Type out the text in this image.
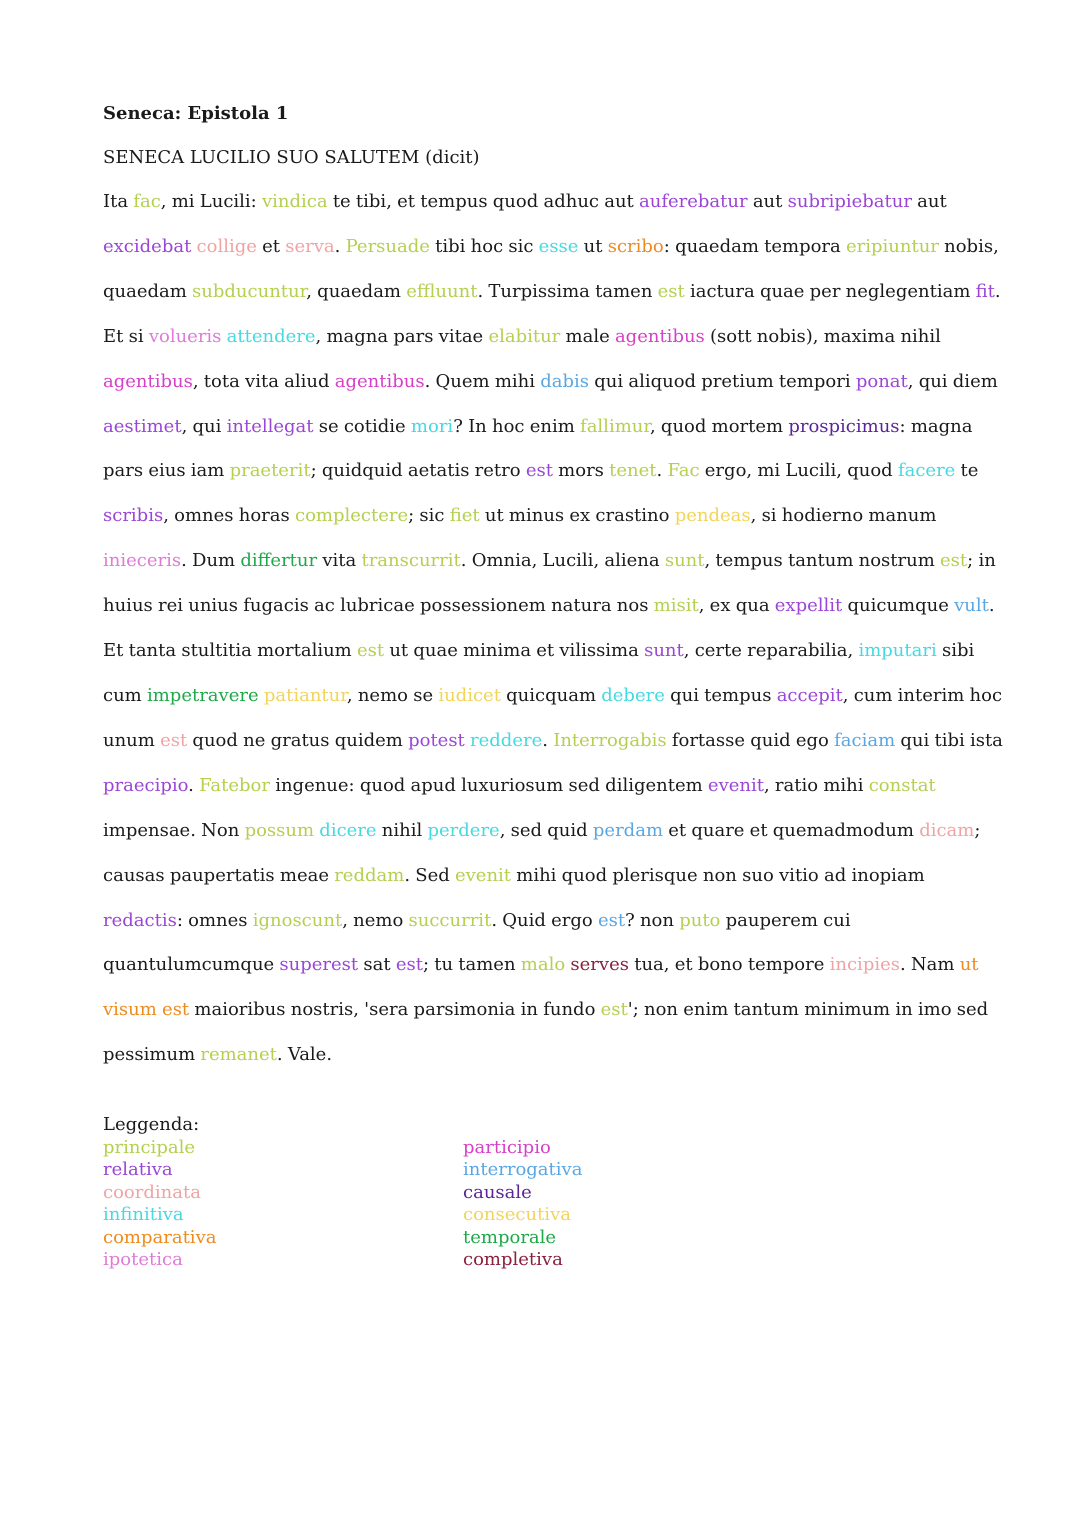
Seneca: Epistola 1

SENECA LUCILIO SUO SALUTEM (dicit)

Ita fac, mi Lucili: vindica te tibi, et tempus quod adhuc aut auferebatur aut subripiebatur aut excidebat collige et serva. Persuade tibi hoc sic esse ut scribo: quaedam tempora eripiuntur nobis, quaedam subducuntur, quaedam effluunt. Turpissima tamen est iactura quae per neglegentiam fit. Et si volueris attendere, magna pars vitae elabitur male agentibus (sott nobis), maxima nihil agentibus, tota vita aliud agentibus. Quem mihi dabis qui aliquod pretium tempori ponat, qui diem aestimet, qui intellegat se cotidie mori? In hoc enim fallimur, quod mortem prospicimus: magna pars eius iam praeterit; quidquid aetatis retro est mors tenet. Fac ergo, mi Lucili, quod facere te scribis, omnes horas complectere; sic fiet ut minus ex crastino pendeas, si hodierno manum inieceris. Dum differtur vita transcurrit. Omnia, Lucili, aliena sunt, tempus tantum nostrum est; in huius rei unius fugacis ac lubricae possessionem natura nos misit, ex qua expellit quicumque vult. Et tanta stultitia mortalium est ut quae minima et vilissima sunt, certe reparabilia, imputari sibi cum impetravere patiantur, nemo se iudicet quicquam debere qui tempus accepit, cum interim hoc unum est quod ne gratus quidem potest reddere. Interrogabis fortasse quid ego faciam qui tibi ista praecipio. Fatebor ingenue: quod apud luxuriosum sed diligentem evenit, ratio mihi constat impensae. Non possum dicere nihil perdere, sed quid perdam et quare et quemadmodum dicam; causas paupertatis meae reddam. Sed evenit mihi quod plerisque non suo vitio ad inopiam redactis: omnes ignoscunt, nemo succurrit. Quid ergo est? non puto pauperem cui quantulumcumque superest sat est; tu tamen malo serves tua, et bono tempore incipies. Nam ut visum est maioribus nostris, 'sera parsimonia in fundo est'; non enim tantum minimum in imo sed pessimum remanet. Vale.

Leggenda:
principale
relativa
coordinata
infinitiva
comparativa
ipotetica
participio
interrogativa
causale
consecutiva
temporale
completiva
